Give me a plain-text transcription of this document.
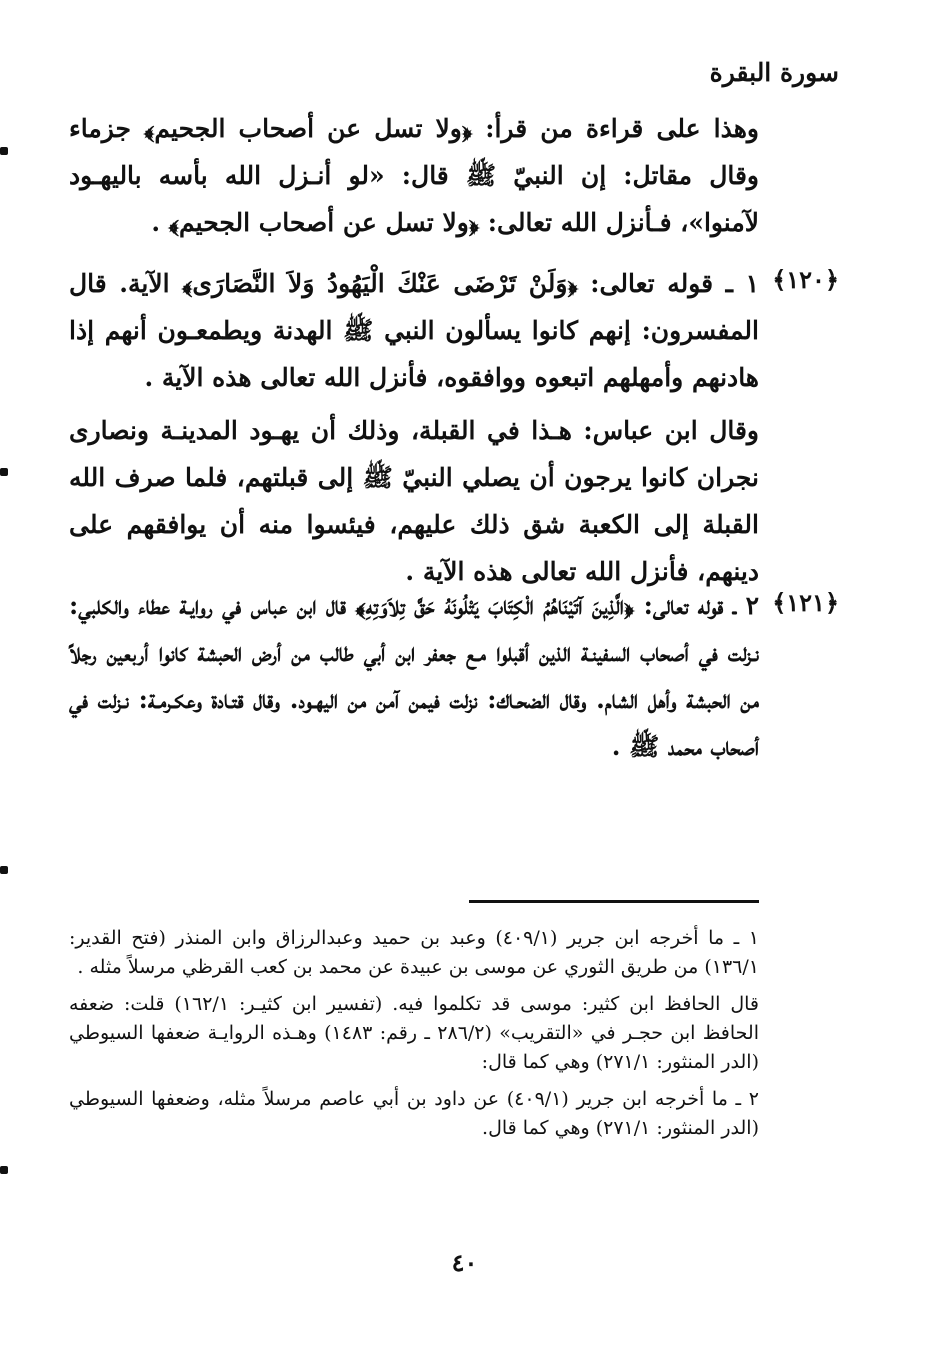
سورة البقرة

وهذا على قراءة من قرأ: ﴿ولا تسل عن أصحاب الجحيم﴾ جزماء وقال مقاتل: إن النبيّ ﷺ قال: «لو أنـزل الله بأسه باليهـود لآمنوا»، فـأنزل الله تعالى: ﴿ولا تسل عن أصحاب الجحيم﴾ .

﴿١٢٠﴾

١ ـ قوله تعالى: ﴿وَلَنْ تَرْضَى عَنْكَ الْيَهُودُ وَلاَ النَّصَارَى﴾ الآية. قال المفسرون: إنهم كانوا يسألون النبي ﷺ الهدنة ويطمعـون أنهم إذا هادنهم وأمهلهم اتبعوه ووافقوه، فأنزل الله تعالى هذه الآية .

وقال ابن عباس: هـذا في القبلة، وذلك أن يهـود المدينـة ونصارى نجران كانوا يرجون أن يصلي النبيّ ﷺ إلى قبلتهم، فلما صرف الله القبلة إلى الكعبة شق ذلك عليهم، فيئسوا منه أن يوافقهم على دينهم، فأنزل الله تعالى هذه الآية .

﴿١٢١﴾

٢ ـ قوله تعالى: ﴿الَّذِينَ آتَيْنَاهُمُ الْكِتَابَ يَتْلُونَهُ حَقَّ تِلاَوَتِهِ﴾ قال ابن عباس في روايـة عطاء والكلبي: نـزلت في أصحاب السفينـة الذين أقبلوا مـع جعفر ابن أبي طالب من أرض الحبشة كانوا أربعين رجلاً من الحبشة وأهل الشام. وقال الضحـاك: نزلت فيمن آمن من اليهـود. وقال قتـادة وعكـرمـة: نـزلت في أصحاب محمد ﷺ .

١ ـ ما أخرجه ابن جرير (٤٠٩/١) وعبد بن حميد وعبدالرزاق وابن المنذر (فتح القدير: ١٣٦/١) من طريق الثوري عن موسى بن عبيدة عن محمد بن كعب القرظي مرسلاً مثله .

قال الحافظ ابن كثير: موسى قد تكلموا فيه. (تفسير ابن كثيـر: ١٦٢/١) قلت: ضعفه الحافظ ابن حجـر في «التقريب» (٢٨٦/٢ ـ رقم: ١٤٨٣) وهـذه الروايـة ضعفها السيوطي (الدر المنثور: ٢٧١/١) وهي كما قال:

٢ ـ ما أخرجه ابن جرير (٤٠٩/١) عن داود بن أبي عاصم مرسلاً مثله، وضعفها السيوطي (الدر المنثور: ٢٧١/١) وهي كما قال.

٤٠
